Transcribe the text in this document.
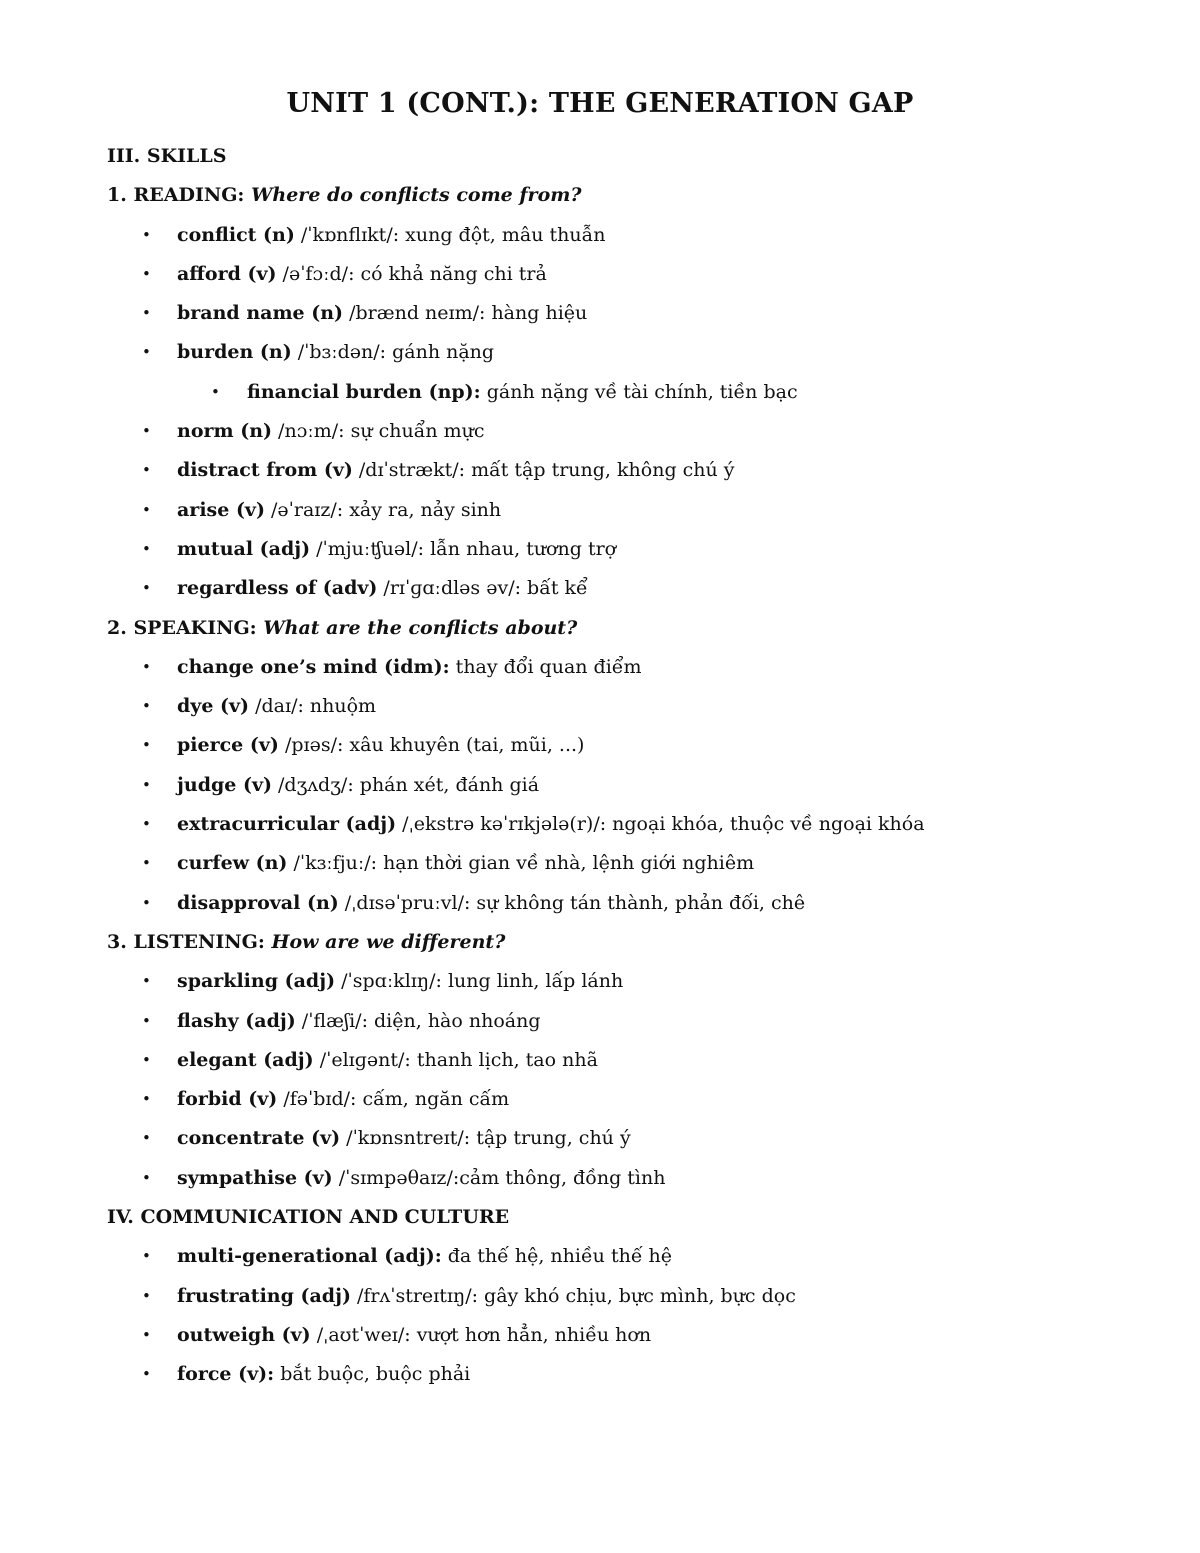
UNIT 1 (CONT.): THE GENERATION GAP
III. SKILLS
1. READING: Where do conflicts come from?
• conflict (n) /ˈkɒnflɪkt/: xung đột, mâu thuẫn
• afford (v) /əˈfɔːd/: có khả năng chi trả
• brand name (n) /brænd neɪm/: hàng hiệu
• burden (n) /ˈbɜːdən/: gánh nặng
• financial burden (np): gánh nặng về tài chính, tiền bạc
• norm (n) /nɔːm/: sự chuẩn mực
• distract from (v) /dɪˈstrækt/: mất tập trung, không chú ý
• arise (v) /əˈraɪz/: xảy ra, nảy sinh
• mutual (adj) /ˈmjuːʧuəl/: lẫn nhau, tương trợ
• regardless of (adv) /rɪˈɡɑːdləs əv/: bất kể
2. SPEAKING: What are the conflicts about?
• change one’s mind (idm): thay đổi quan điểm
• dye (v) /daɪ/: nhuộm
• pierce (v) /pɪəs/: xâu khuyên (tai, mũi, ...)
• judge (v) /dʒʌdʒ/: phán xét, đánh giá
• extracurricular (adj) /ˌekstrə kəˈrɪkjələ(r)/: ngoại khóa, thuộc về ngoại khóa
• curfew (n) /ˈkɜːfjuː/: hạn thời gian về nhà, lệnh giới nghiêm
• disapproval (n) /ˌdɪsəˈpruːvl/: sự không tán thành, phản đối, chê
3. LISTENING: How are we different?
• sparkling (adj) /ˈspɑːklɪŋ/: lung linh, lấp lánh
• flashy (adj) /ˈflæʃi/: diện, hào nhoáng
• elegant (adj) /ˈelɪɡənt/: thanh lịch, tao nhã
• forbid (v) /fəˈbɪd/: cấm, ngăn cấm
• concentrate (v) /ˈkɒnsntreɪt/: tập trung, chú ý
• sympathise (v) /ˈsɪmpəθaɪz/:cảm thông, đồng tình
IV. COMMUNICATION AND CULTURE
• multi-generational (adj): đa thế hệ, nhiều thế hệ
• frustrating (adj) /frʌˈstreɪtɪŋ/: gây khó chịu, bực mình, bực dọc
• outweigh (v) /ˌaʊtˈweɪ/: vượt hơn hẳn, nhiều hơn
• force (v): bắt buộc, buộc phải
